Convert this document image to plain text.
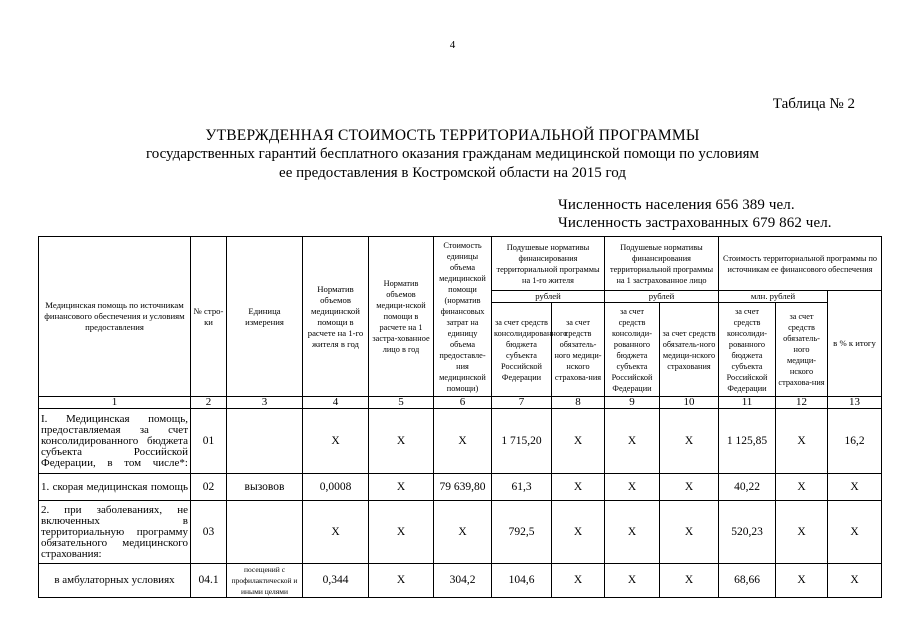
4
Таблица № 2
УТВЕРЖДЕННАЯ СТОИМОСТЬ ТЕРРИТОРИАЛЬНОЙ ПРОГРАММЫ
государственных гарантий бесплатного оказания гражданам медицинской помощи по условиям
ее предоставления в Костромской области на 2015 год
Численность населения 656 389 чел.
Численность застрахованных 679 862 чел.
Медицинская помощь по источникам финансового обеспечения и условиям предоставления	№ стро-ки	Единица измерения	Норматив объемов медицинской помощи в расчете на 1-го жителя в год	Норматив объемов медици-нской помощи в расчете на 1 застра-хованное лицо в год	Стоимость единицы объема медицинской помощи (норматив финансовых затрат на единицу объема предоставле-ния медицинской помощи)	Подушевые нормативы финансирования территориальной программы на 1-го жителя		Подушевые нормативы финансирования территориальной программы на 1 застрахованное лицо		Стоимость территориальной программы по источникам ее финансового обеспечения		
						рублей		рублей		млн. рублей		в % к итогу
						за счет средств консолидированного бюджета субъекта Российской Федерации	за счет средств обязатель-ного медици-нского страхова-ния	за счет средств консолиди-рованного бюджета субъекта Российской Федерации	за счет средств обязатель-ного медици-нского страхования	за счет средств консолиди-рованного бюджета субъекта Российской Федерации	за счет средств обязатель-ного медици-нского страхова-ния	
1	2	3	4	5	6	7	8	9	10	11	12	13

I. Медицинская помощь, предоставляемая за счет консолидированного бюджета субъекта Российской Федерации, в том числе*:	01		X	X	X	1 715,20	X	X	X	1 125,85	X	16,2

1. скорая медицинская помощь	02	вызовов	0,0008	X	79 639,80	61,3	X	X	X	40,22	X	X

2. при заболеваниях, не включенных в территориальную программу обязательного медицинского страхования:	03		X	X	X	792,5	X	X	X	520,23	X	X
в амбулаторных условиях	04.1	посещений с профилактической и иными целями	0,344	X	304,2	104,6	X	X	X	68,66	X	X
